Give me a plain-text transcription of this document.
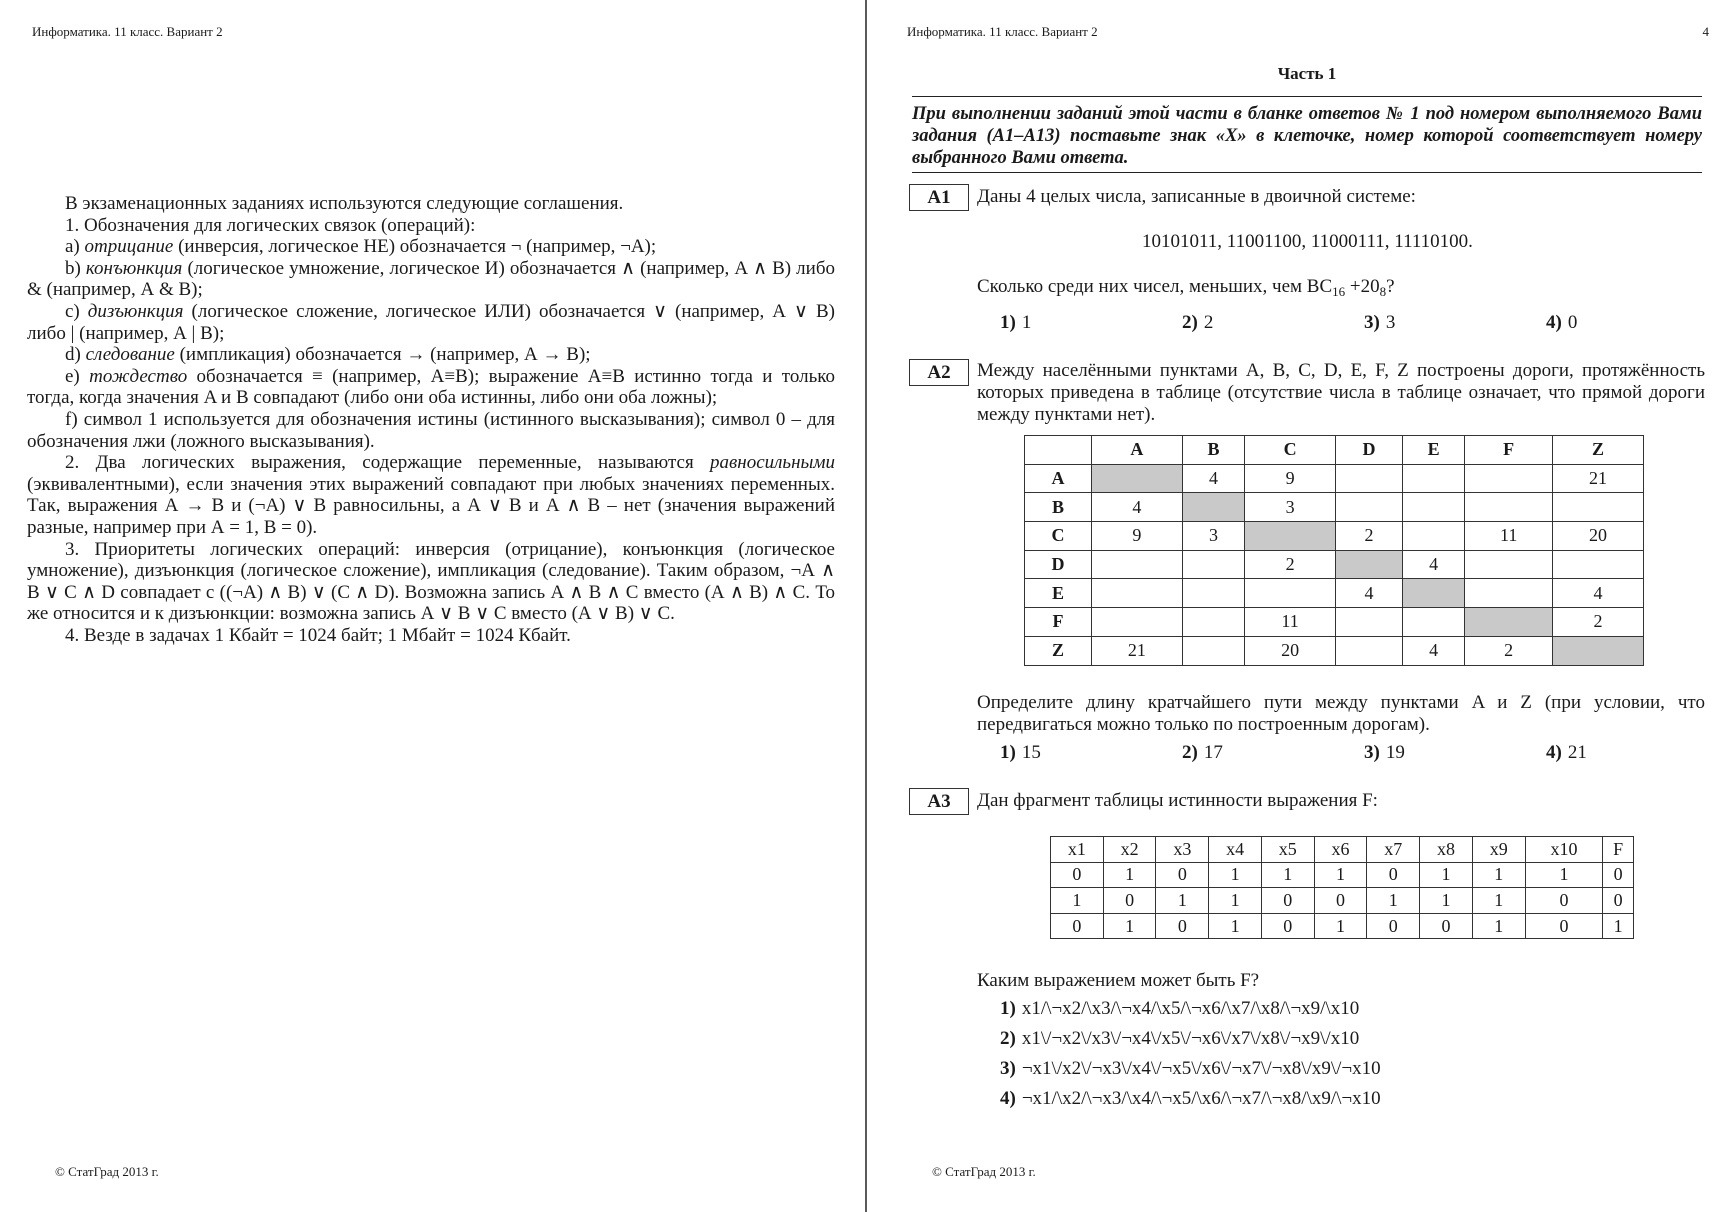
Информатика. 11 класс. Вариант 2

В экзаменационных заданиях используются следующие соглашения.

1. Обозначения для логических связок (операций):

a) отрицание (инверсия, логическое НЕ) обозначается ¬ (например, ¬А);

b) конъюнкция (логическое умножение, логическое И) обозначается ∧ (например, А ∧ В) либо & (например, А & В);

c) дизъюнкция (логическое сложение, логическое ИЛИ) обозначается ∨ (например, А ∨ В) либо | (например, А | В);

d) следование (импликация) обозначается → (например, А → В);

e) тождество обозначается ≡ (например, A≡B); выражение A≡B истинно тогда и только тогда, когда значения A и B совпадают (либо они оба истинны, либо они оба ложны);

f) символ 1 используется для обозначения истины (истинного высказывания); символ 0 – для обозначения лжи (ложного высказывания).

2. Два логических выражения, содержащие переменные, называются равносильными (эквивалентными), если значения этих выражений совпадают при любых значениях переменных. Так, выражения А → В и (¬А) ∨ В равносильны, а А ∨ В и А ∧ В – нет (значения выражений разные, например при А = 1, В = 0).

3. Приоритеты логических операций: инверсия (отрицание), конъюнкция (логическое умножение), дизъюнкция (логическое сложение), импликация (следование). Таким образом, ¬А ∧ В ∨ С ∧ D совпадает с ((¬А) ∧ В) ∨ (С ∧ D). Возможна запись А ∧ В ∧ С вместо (А ∧ В) ∧ С. То же относится и к дизъюнкции: возможна запись А ∨ В ∨ С вместо (А ∨ В) ∨ С.

4. Везде в задачах 1 Кбайт = 1024 байт; 1 Мбайт = 1024 Кбайт.

© СтатГрад 2013 г.
Информатика. 11 класс. Вариант 2	4
Часть 1
При выполнении заданий этой части в бланке ответов № 1 под номером выполняемого Вами задания (А1–А13) поставьте знак «X» в клеточке, номер которой соответствует номеру выбранного Вами ответа.
A1	Даны 4 целых числа, записанные в двоичной системе:
10101011, 11001100, 11000111, 11110100.
Сколько среди них чисел, меньших, чем $BC_{16} +20_8$?
1) 1	2) 2	3) 3	4) 0
A2	Между населёнными пунктами A, B, C, D, E, F, Z построены дороги, протяжённость которых приведена в таблице (отсутствие числа в таблице означает, что прямой дороги между пунктами нет).
	A	B	C	D	E	F	Z
A		4	9				21
B	4		3				
C	9	3		2		11	20
D			2		4		
E				4			4
F			11				2
Z	21		20		4	2	
Определите длину кратчайшего пути между пунктами A и Z (при условии, что передвигаться можно только по построенным дорогам).
1) 15	2) 17	3) 19	4) 21
A3	Дан фрагмент таблицы истинности выражения F:
x1	x2	x3	x4	x5	x6	x7	x8	x9	x10	F
0	1	0	1	1	1	0	1	1	1	0
1	0	1	1	0	0	1	1	1	0	0
0	1	0	1	0	1	0	0	1	0	1
Каким выражением может быть F?
1) x1/\¬x2/\x3/\¬x4/\x5/\¬x6/\x7/\x8/\¬x9/\x10
2) x1\/¬x2\/x3\/¬x4\/x5\/¬x6\/x7\/x8\/¬x9\/x10
3) ¬x1\/x2\/¬x3\/x4\/¬x5\/x6\/¬x7\/¬x8\/x9\/¬x10
4) ¬x1/\x2/\¬x3/\x4/\¬x5/\x6/\¬x7/\¬x8/\x9/\¬x10
© СтатГрад 2013 г.
